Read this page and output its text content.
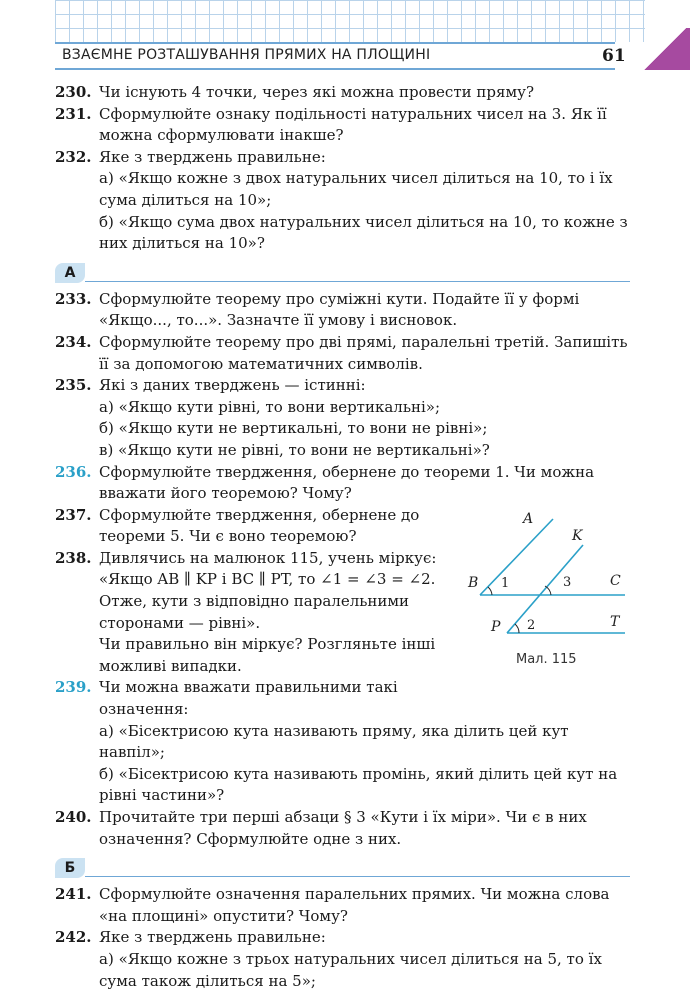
ВЗАЄМНЕ РОЗТАШУВАННЯ ПРЯМИХ НА ПЛОЩИНІ	61
230. Чи існують 4 точки, через які можна провести пряму?
231. Сформулюйте ознаку подільності натуральних чисел на 3. Як її можна сформулювати інакше?
232. Яке з тверджень правильне:
а) «Якщо кожне з двох натуральних чисел ділиться на 10, то і їх сума ділиться на 10»;
б) «Якщо сума двох натуральних чисел ділиться на 10, то кожне з них ділиться на 10»?
А
233. Сформулюйте теорему про суміжні кути. Подайте її у формі «Якщо..., то...». Зазначте її умову і висновок.
234. Сформулюйте теорему про дві прямі, паралельні третій. Запишіть її за допомогою математичних символів.
235. Які з даних тверджень — істинні:
а) «Якщо кути рівні, то вони вертикальні»;
б) «Якщо кути не вертикальні, то вони не рівні»;
в) «Якщо кути не рівні, то вони не вертикальні»?
236. Сформулюйте твердження, обернене до теореми 1. Чи можна вважати його теоремою? Чому?
237. Сформулюйте твердження, обернене до теореми 5. Чи є воно теоремою?
238. Дивлячись на малюнок 115, учень міркує:
«Якщо AB ∥ KP і BC ∥ PT, то ∠1 = ∠3 = ∠2.
Отже, кути з відповідно паралельними сторонами — рівні».
Чи правильно він міркує? Розгляньте інші можливі випадки.
239. Чи можна вважати правильними такі означення:
а) «Бісектрисою кута називають пряму, яка ділить цей кут навпіл»;
б) «Бісектрисою кута називають промінь, який ділить цей кут на рівні частини»?
240. Прочитайте три перші абзаци § 3 «Кути і їх міри». Чи є в них означення? Сформулюйте одне з них.
Б
241. Сформулюйте означення паралельних прямих. Чи можна слова «на площині» опустити? Чому?
242. Яке з тверджень правильне:
а) «Якщо кожне з трьох натуральних чисел ділиться на 5, то їх сума також ділиться на 5»;
A
K
B	C
P	T
1	3
2
Мал. 115
